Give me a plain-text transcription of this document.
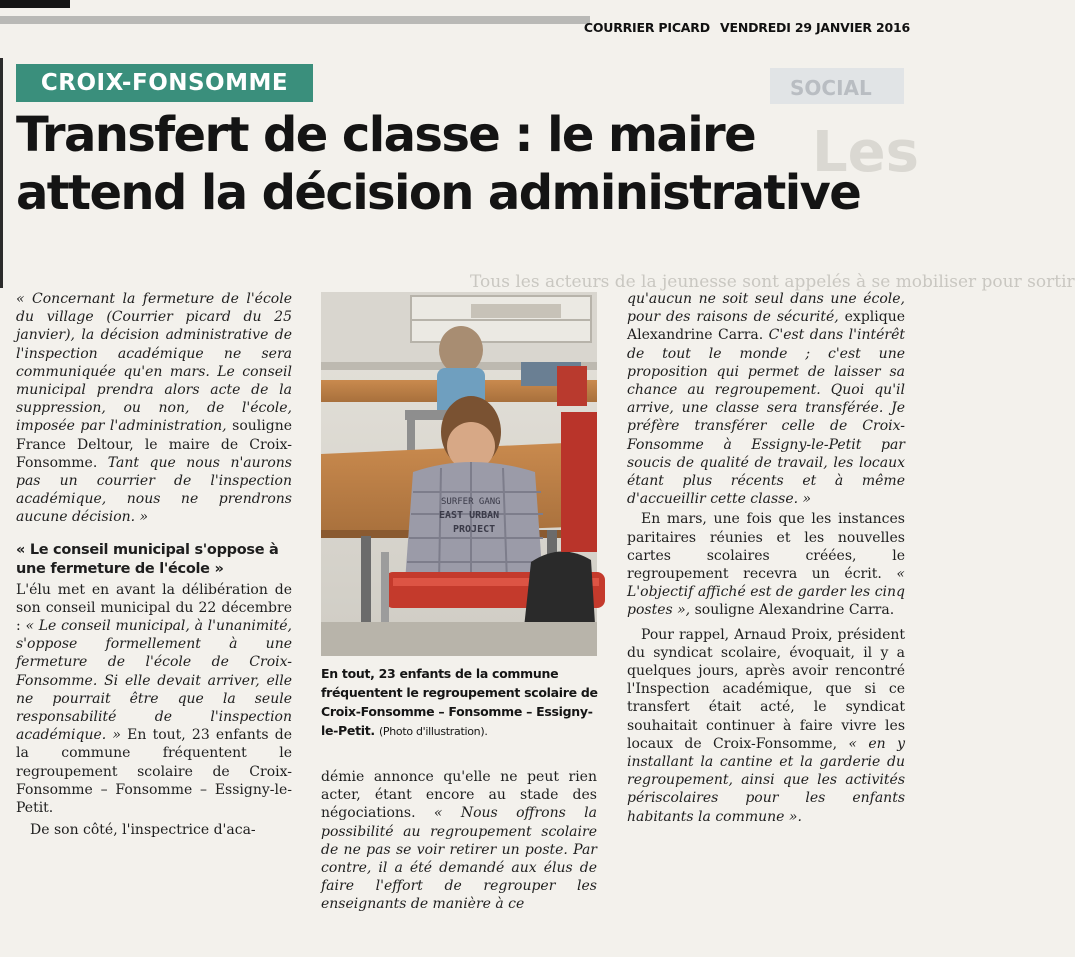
COURRIER PICARD VENDREDI 29 JANVIER 2016
SOCIAL
Les
Tous les acteurs de la jeunesse sont appelés à se mobiliser pour sortir
CROIX-FONSOMME
Transfert de classe : le maire
attend la décision administrative

« Concernant la fermeture de l'école du village (Courrier picard du 25 janvier), la décision administrative de l'inspection académique ne sera communiquée qu'en mars. Le conseil municipal prendra alors acte de la suppression, ou non, de l'école, imposée par l'administration, souligne France Deltour, le maire de Croix-Fonsomme. Tant que nous n'aurons pas un courrier de l'inspection académique, nous ne prendrons aucune décision. »

« Le conseil municipal s'oppose à une fermeture de l'école »

L'élu met en avant la délibération de son conseil municipal du 22 décembre : « Le conseil municipal, à l'unanimité, s'oppose formellement à une fermeture de l'école de Croix-Fonsomme. Si elle devait arriver, elle ne pourrait être que la seule responsabilité de l'inspection académique. » En tout, 23 enfants de la commune fréquentent le regroupement scolaire de Croix-Fonsomme – Fonsomme – Essigny-le-Petit.

De son côté, l'inspectrice d'aca-

SURFER GANG
EAST URBAN
PROJECT
En tout, 23 enfants de la commune fréquentent le regroupement scolaire de Croix-Fonsomme – Fonsomme – Essigny-le-Petit. (Photo d'illustration).

démie annonce qu'elle ne peut rien acter, étant encore au stade des négociations. « Nous offrons la possibilité au regroupement scolaire de ne pas se voir retirer un poste. Par contre, il a été demandé aux élus de faire l'effort de regrouper les enseignants de manière à ce

qu'aucun ne soit seul dans une école, pour des raisons de sécurité, explique Alexandrine Carra. C'est dans l'intérêt de tout le monde ; c'est une proposition qui permet de laisser sa chance au regroupement. Quoi qu'il arrive, une classe sera transférée. Je préfère transférer celle de Croix-Fonsomme à Essigny-le-Petit par soucis de qualité de travail, les locaux étant plus récents et à même d'accueillir cette classe. »

En mars, une fois que les instances paritaires réunies et les nouvelles cartes scolaires créées, le regroupement recevra un écrit. « L'objectif affiché est de garder les cinq postes », souligne Alexandrine Carra.

Pour rappel, Arnaud Proix, président du syndicat scolaire, évoquait, il y a quelques jours, après avoir rencontré l'Inspection académique, que si ce transfert était acté, le syndicat souhaitait continuer à faire vivre les locaux de Croix-Fonsomme, « en y installant la cantine et la garderie du regroupement, ainsi que les activités périscolaires pour les enfants habitants la commune ».
